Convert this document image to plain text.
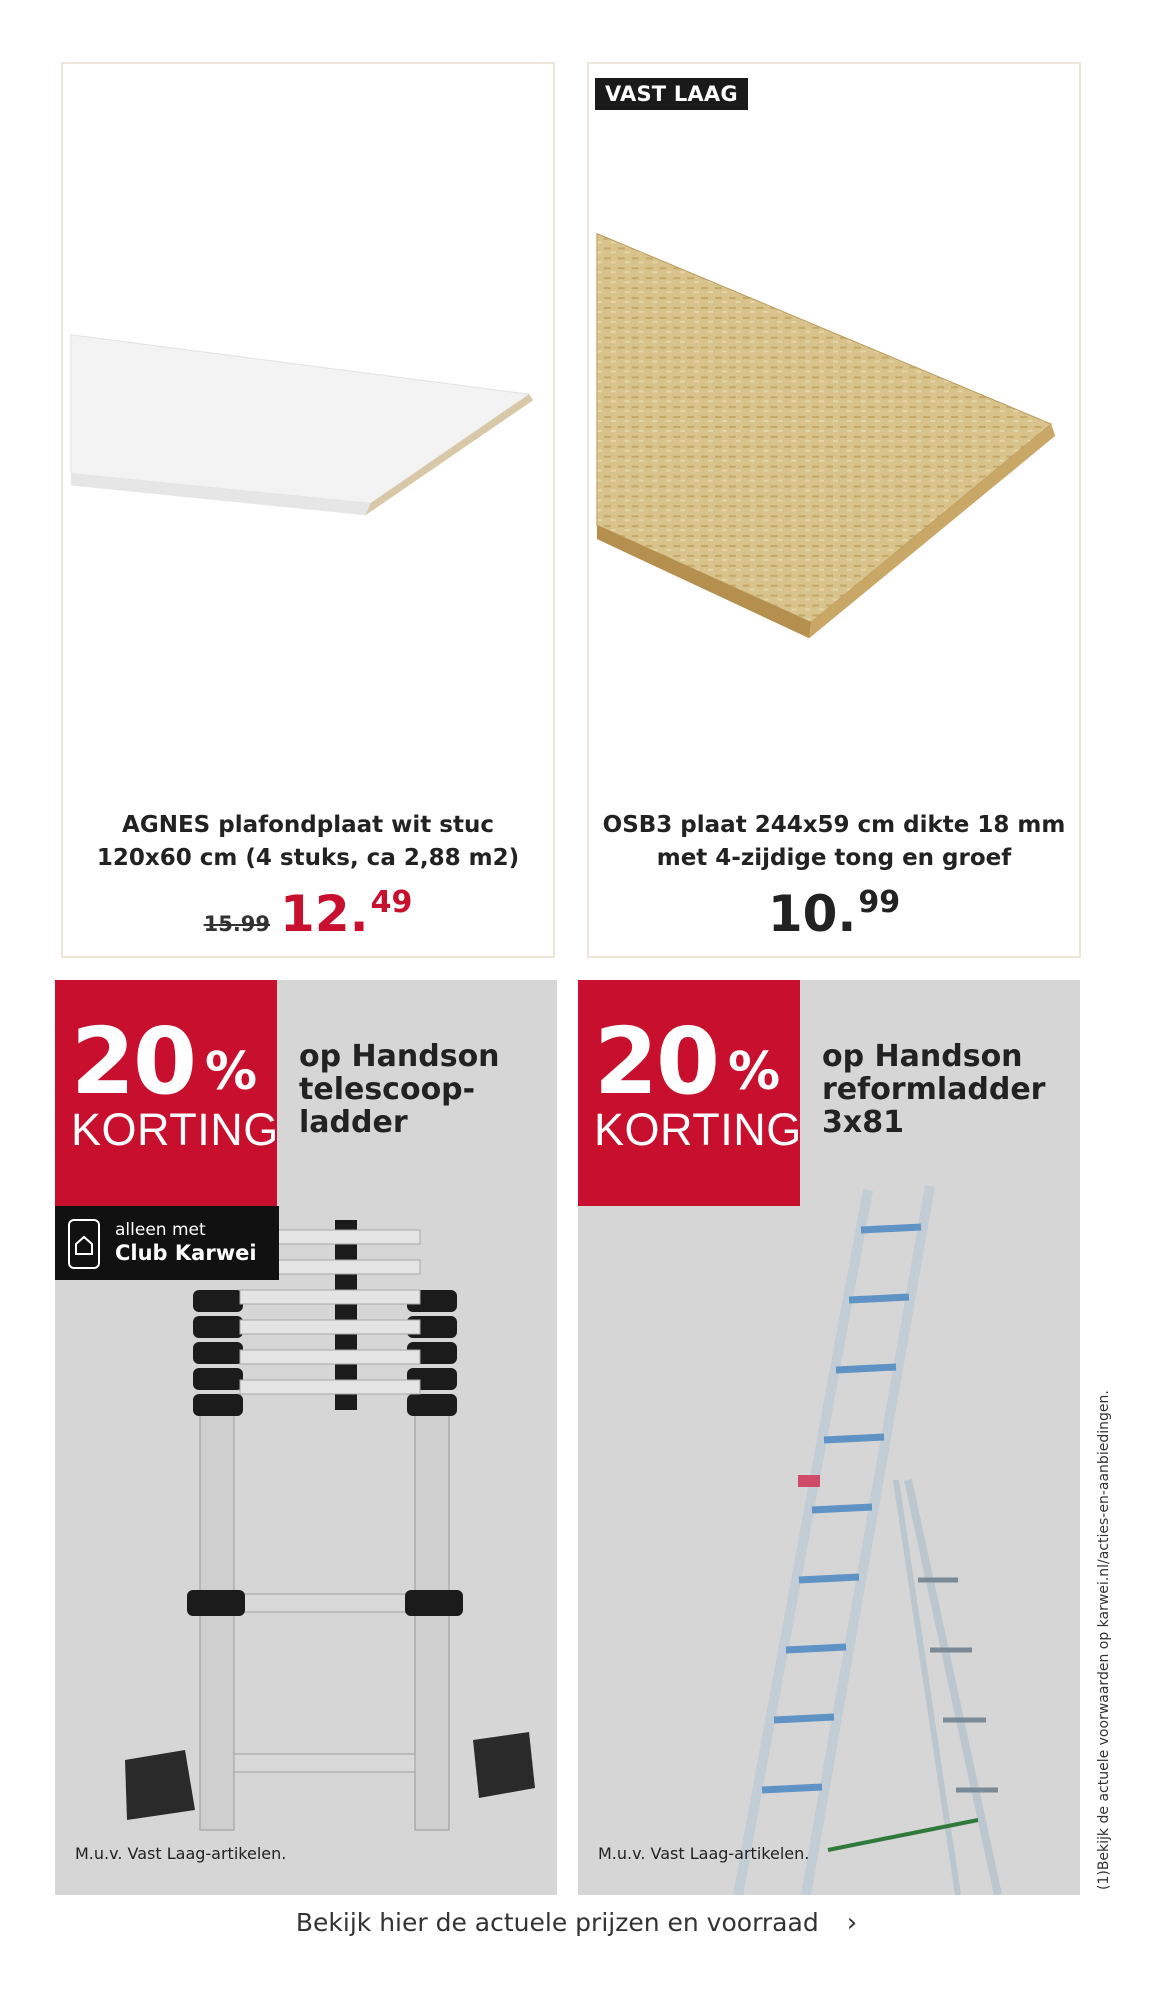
AGNES plafondplaat wit stuc 120x60 cm (4 stuks, ca 2,88 m2)
15.99 12. 49
VAST LAAG
OSB3 plaat 244x59 cm dikte 18 mm met 4-zijdige tong en groef
10. 99
20 %
KORTING
op Handson telescoop-ladder
alleen met
Club Karwei
M.u.v. Vast Laag-artikelen.
20 %
KORTING
op Handson reformladder 3x81
M.u.v. Vast Laag-artikelen.	(1)Bekijk de actuele voorwaarden op karwei.nl/acties-en-aanbiedingen.
Bekijk hier de actuele prijzen en voorraad ›
